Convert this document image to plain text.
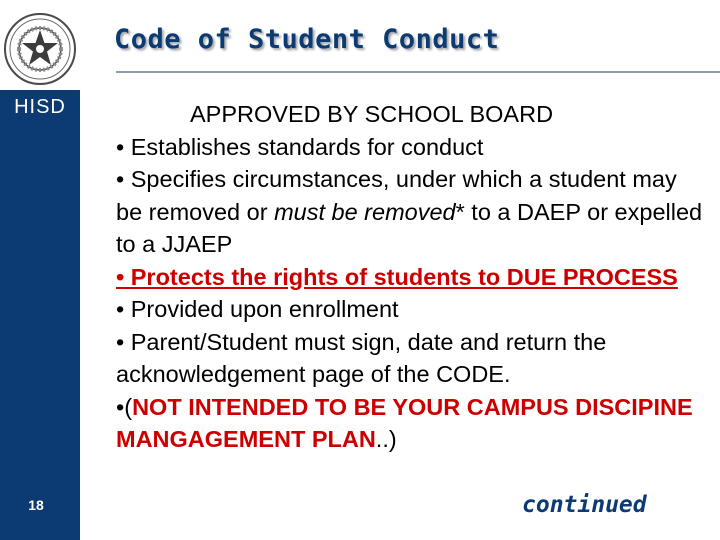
HISD
18
Code of Student Conduct

APPROVED BY SCHOOL BOARD

• Establishes standards for conduct

• Specifies circumstances, under which a student may be removed or must be removed* to a DAEP or expelled to a JJAEP

• Protects the rights of students to DUE PROCESS

• Provided upon enrollment

• Parent/Student must sign, date and return the acknowledgement page of the CODE.

•(NOT INTENDED TO BE YOUR CAMPUS DISCIPINE MANGAGEMENT PLAN..)

continued
